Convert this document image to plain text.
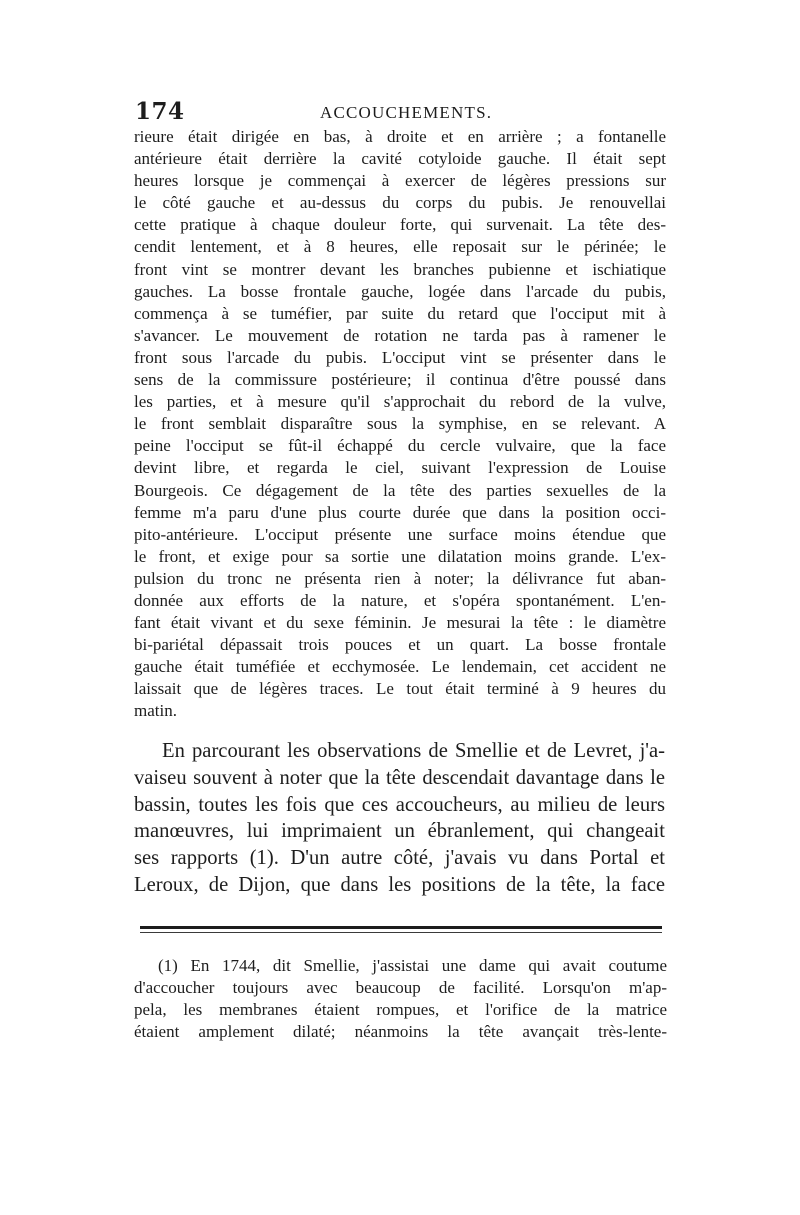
174	ACCOUCHEMENTS.
rieure était dirigée en bas, à droite et en arrière ; a fontanelle
antérieure était derrière la cavité cotyloide gauche. Il était sept
heures lorsque je commençai à exercer de légères pressions sur
le côté gauche et au-dessus du corps du pubis. Je renouvellai
cette pratique à chaque douleur forte, qui survenait. La tête des-
cendit lentement, et à 8 heures, elle reposait sur le périnée; le
front vint se montrer devant les branches pubienne et ischiatique
gauches. La bosse frontale gauche, logée dans l'arcade du pubis,
commença à se tuméfier, par suite du retard que l'occiput mit à
s'avancer. Le mouvement de rotation ne tarda pas à ramener le
front sous l'arcade du pubis. L'occiput vint se présenter dans le
sens de la commissure postérieure; il continua d'être poussé dans
les parties, et à mesure qu'il s'approchait du rebord de la vulve,
le front semblait disparaître sous la symphise, en se relevant. A
peine l'occiput se fût-il échappé du cercle vulvaire, que la face
devint libre, et regarda le ciel, suivant l'expression de Louise
Bourgeois. Ce dégagement de la tête des parties sexuelles de la
femme m'a paru d'une plus courte durée que dans la position occi-
pito-antérieure. L'occiput présente une surface moins étendue que
le front, et exige pour sa sortie une dilatation moins grande. L'ex-
pulsion du tronc ne présenta rien à noter; la délivrance fut aban-
donnée aux efforts de la nature, et s'opéra spontanément. L'en-
fant était vivant et du sexe féminin. Je mesurai la tête : le diamètre
bi-pariétal dépassait trois pouces et un quart. La bosse frontale
gauche était tuméfiée et ecchymosée. Le lendemain, cet accident ne
laissait que de légères traces. Le tout était terminé à 9 heures du
matin.
En parcourant les observations de Smellie et de Levret, j'a-
vaiseu souvent à noter que la tête descendait davantage dans le
bassin, toutes les fois que ces accoucheurs, au milieu de leurs
manœuvres, lui imprimaient un ébranlement, qui changeait
ses rapports (1). D'un autre côté, j'avais vu dans Portal et
Leroux, de Dijon, que dans les positions de la tête, la face
(1) En 1744, dit Smellie, j'assistai une dame qui avait coutume
d'accoucher toujours avec beaucoup de facilité. Lorsqu'on m'ap-
pela, les membranes étaient rompues, et l'orifice de la matrice
étaient amplement dilaté; néanmoins la tête avançait très-lente-
